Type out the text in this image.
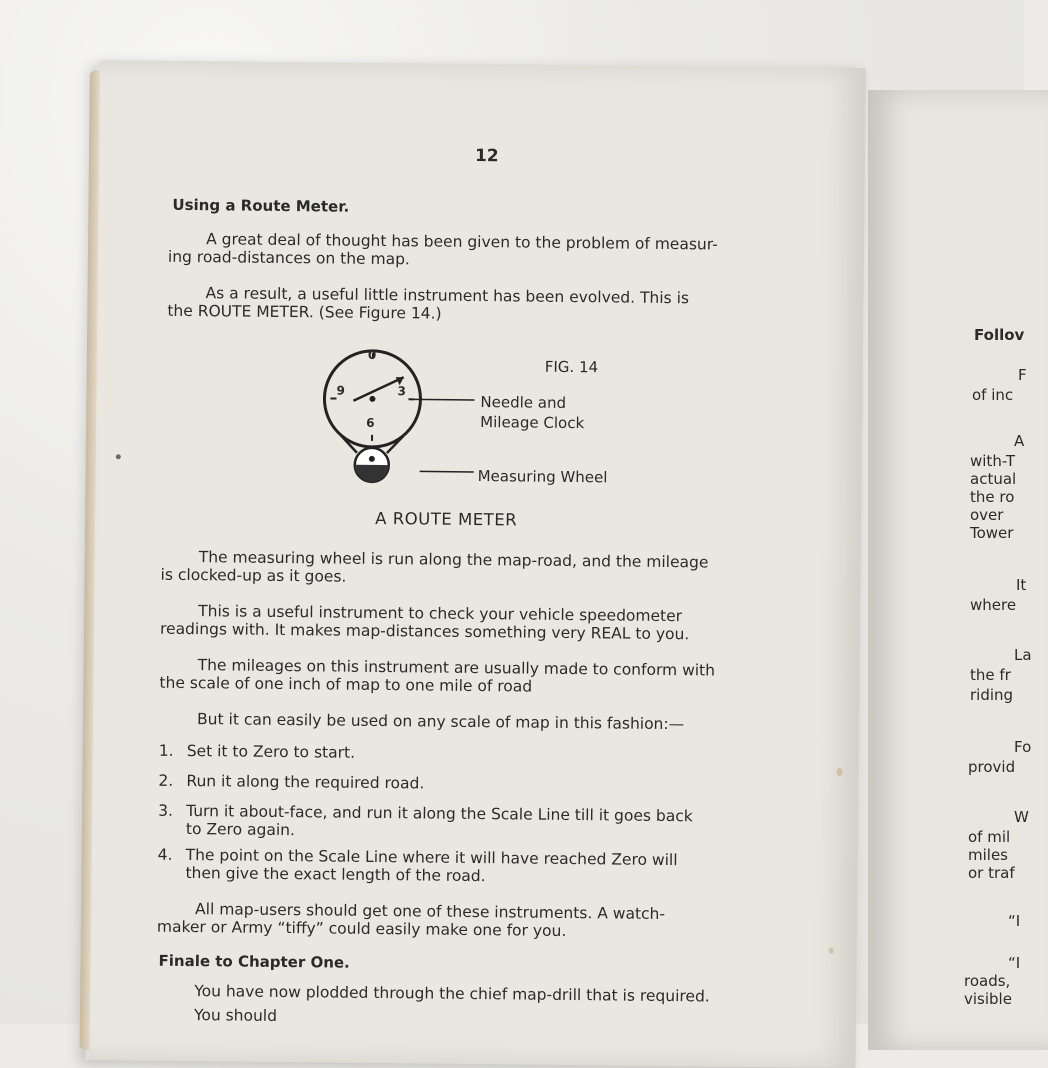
Follov
F
of inc
A
with-T
actual
the ro
over
Tower
It
where
La
the fr
riding
Fo
provid
W
of mil
miles
or traf
“I
“I
roads,
visible
12
Using a Route Meter.
A great deal of thought has been given to the problem of measur-
ing road-distances on the map.
As a result, a useful little instrument has been evolved. This is
the ROUTE METER. (See Figure 14.)
FIG. 14
0
3
6
9
Needle and
Mileage Clock
Measuring Wheel
A ROUTE METER
The measuring wheel is run along the map-road, and the mileage
is clocked-up as it goes.
This is a useful instrument to check your vehicle speedometer
readings with. It makes map-distances something very REAL to you.
The mileages on this instrument are usually made to conform with
the scale of one inch of map to one mile of road
But it can easily be used on any scale of map in this fashion:—
1. Set it to Zero to start.
2. Run it along the required road.
3. Turn it about-face, and run it along the Scale Line till it goes back
to Zero again.
4. The point on the Scale Line where it will have reached Zero will
then give the exact length of the road.
All map-users should get one of these instruments. A watch-
maker or Army “tiffy” could easily make one for you.
Finale to Chapter One.
You have now plodded through the chief map-drill that is required.
You should
